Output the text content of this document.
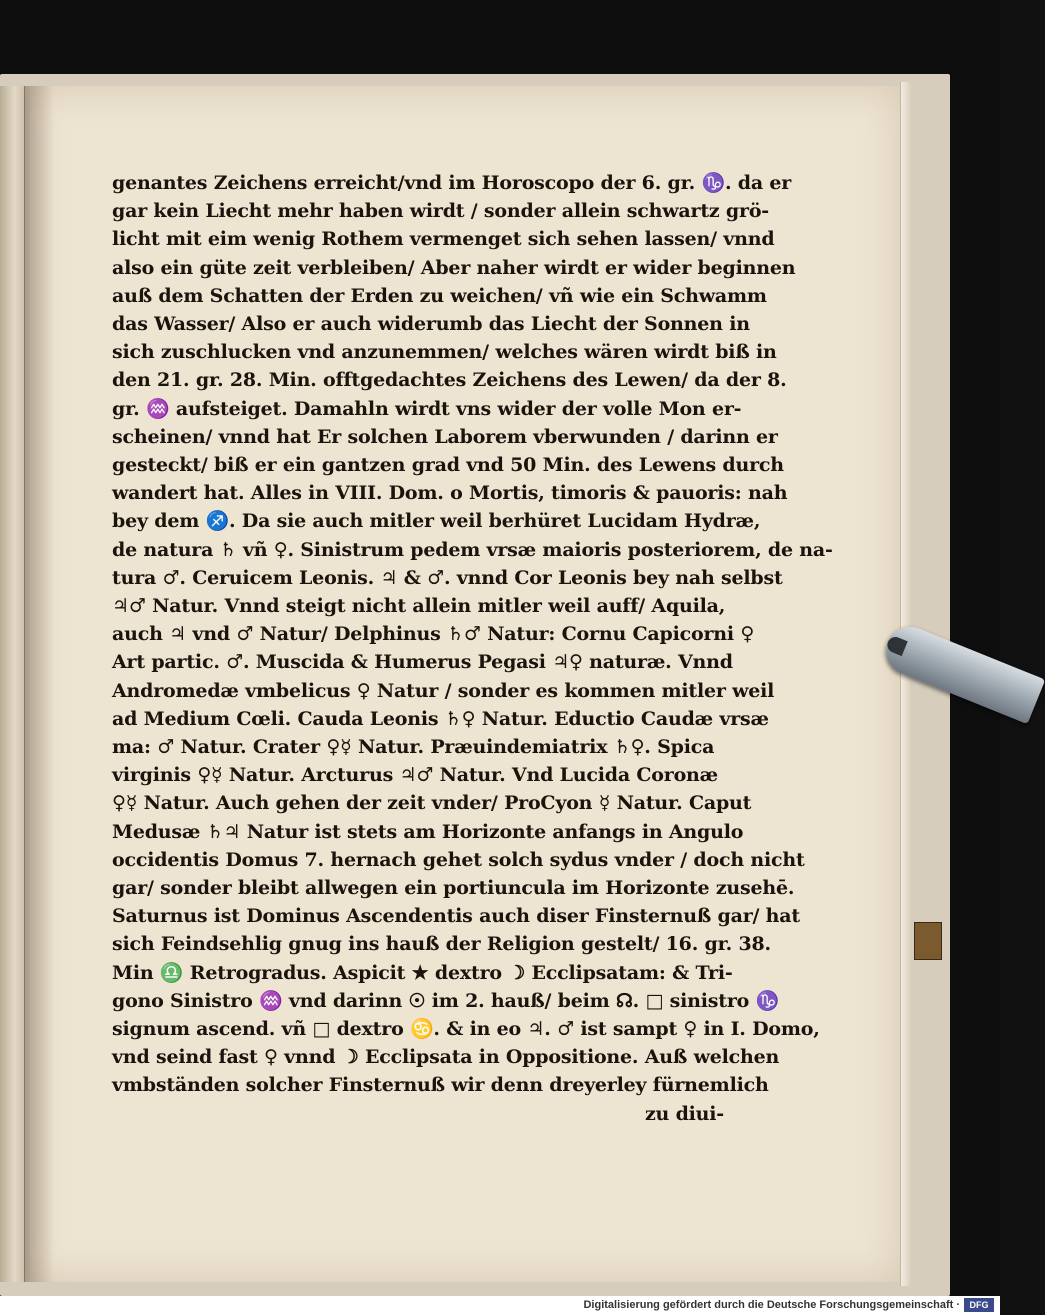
genantes Zeichens erreicht/vnd im Horoscopo der 6. gr. ♑. da er
gar kein Liecht mehr haben wirdt / sonder allein schwartz grö-
licht mit eim wenig Rothem vermenget sich sehen lassen/ vnnd
also ein güte zeit verbleiben/ Aber naher wirdt er wider beginnen
auß dem Schatten der Erden zu weichen/ vñ wie ein Schwamm
das Wasser/ Also er auch widerumb das Liecht der Sonnen in
sich zuschlucken vnd anzunemmen/ welches wären wirdt biß in
den 21. gr. 28. Min. offtgedachtes Zeichens des Lewen/ da der 8.
gr. ♒ aufsteiget. Damahln wirdt vns wider der volle Mon er-
scheinen/ vnnd hat Er solchen Laborem vberwunden / darinn er
gesteckt/ biß er ein gantzen grad vnd 50 Min. des Lewens durch
wandert hat. Alles in VIII. Dom. o Mortis, timoris & pauoris: nah
bey dem ♐. Da sie auch mitler weil berhüret Lucidam Hydræ,
de natura ♄ vñ ♀. Sinistrum pedem vrsæ maioris posteriorem, de na-
tura ♂. Ceruicem Leonis. ♃ & ♂. vnnd Cor Leonis bey nah selbst
♃♂ Natur. Vnnd steigt nicht allein mitler weil auff/ Aquila,
auch ♃ vnd ♂ Natur/ Delphinus ♄♂ Natur: Cornu Capicorni ♀
Art partic. ♂. Muscida & Humerus Pegasi ♃♀ naturæ. Vnnd
Andromedæ vmbelicus ♀ Natur / sonder es kommen mitler weil
ad Medium Cœli. Cauda Leonis ♄♀ Natur. Eductio Caudæ vrsæ
ma: ♂ Natur. Crater ♀☿ Natur. Præuindemiatrix ♄♀. Spica
virginis ♀☿ Natur. Arcturus ♃♂ Natur. Vnd Lucida Coronæ
♀☿ Natur. Auch gehen der zeit vnder/ ProCyon ☿ Natur. Caput
Medusæ ♄♃ Natur ist stets am Horizonte anfangs in Angulo
occidentis Domus 7. hernach gehet solch sydus vnder / doch nicht
gar/ sonder bleibt allwegen ein portiuncula im Horizonte zusehē.
Saturnus ist Dominus Ascendentis auch diser Finsternuß gar/ hat
sich Feindsehlig gnug ins hauß der Religion gestelt/ 16. gr. 38.
Min ♎ Retrogradus. Aspicit ★ dextro ☽ Ecclipsatam: & Tri-
gono Sinistro ♒ vnd darinn ☉ im 2. hauß/ beim ☊. □ sinistro ♑
signum ascend. vñ □ dextro ♋. & in eo ♃. ♂ ist sampt ♀ in I. Domo,
vnd seind fast ♀ vnnd ☽ Ecclipsata in Oppositione. Auß welchen
vmbständen solcher Finsternuß wir denn dreyerley fürnemlich
zu diui-
Digitalisierung gefördert durch die Deutsche Forschungsgemeinschaft ·	DFG
